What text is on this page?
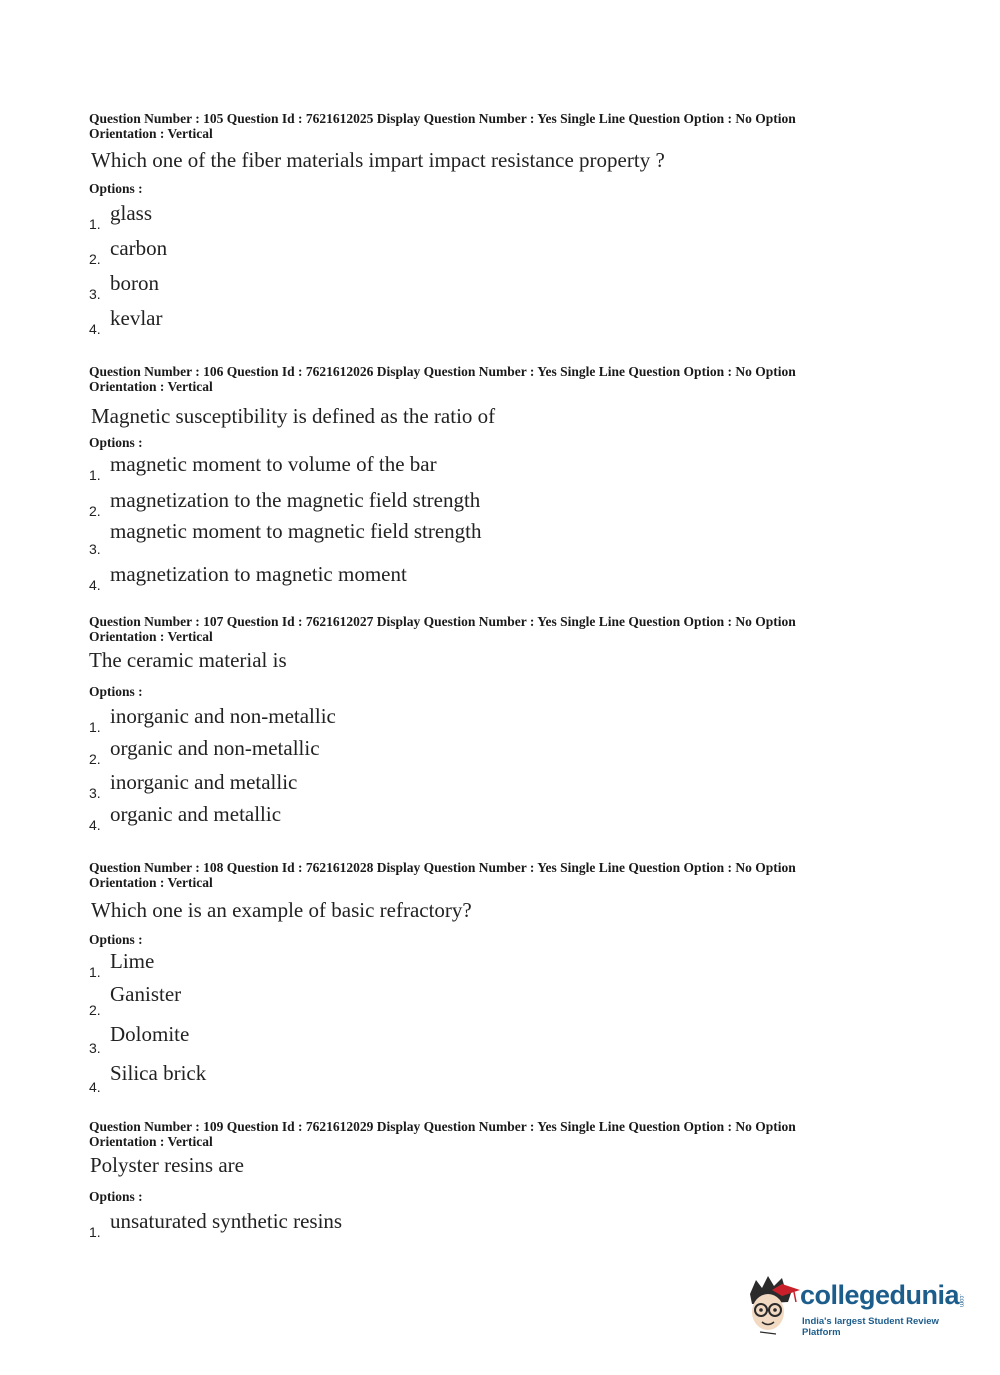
Question Number : 105 Question Id : 7621612025 Display Question Number : Yes Single Line Question Option : No Option
Orientation : Vertical
Which one of the fiber materials impart impact resistance property ?
Options :
1. glass
2. carbon
3. boron
4. kevlar
Question Number : 106 Question Id : 7621612026 Display Question Number : Yes Single Line Question Option : No Option
Orientation : Vertical
Magnetic susceptibility is defined as the ratio of
Options :
1. magnetic moment to volume of the bar
2. magnetization to the magnetic field strength
3.
magnetic moment to magnetic field strength
4. magnetization to magnetic moment
Question Number : 107 Question Id : 7621612027 Display Question Number : Yes Single Line Question Option : No Option
Orientation : Vertical
The ceramic material is
Options :
1. inorganic and non-metallic
2. organic and non-metallic
3. inorganic and metallic
4. organic and metallic
Question Number : 108 Question Id : 7621612028 Display Question Number : Yes Single Line Question Option : No Option
Orientation : Vertical
Which one is an example of basic refractory?
Options :
1. Lime
2.
Ganister
3.
Dolomite
4.
Silica brick
Question Number : 109 Question Id : 7621612029 Display Question Number : Yes Single Line Question Option : No Option
Orientation : Vertical
Polyster resins are
Options :
1. unsaturated synthetic resins
collegedunia
.com
India's largest Student Review Platform
